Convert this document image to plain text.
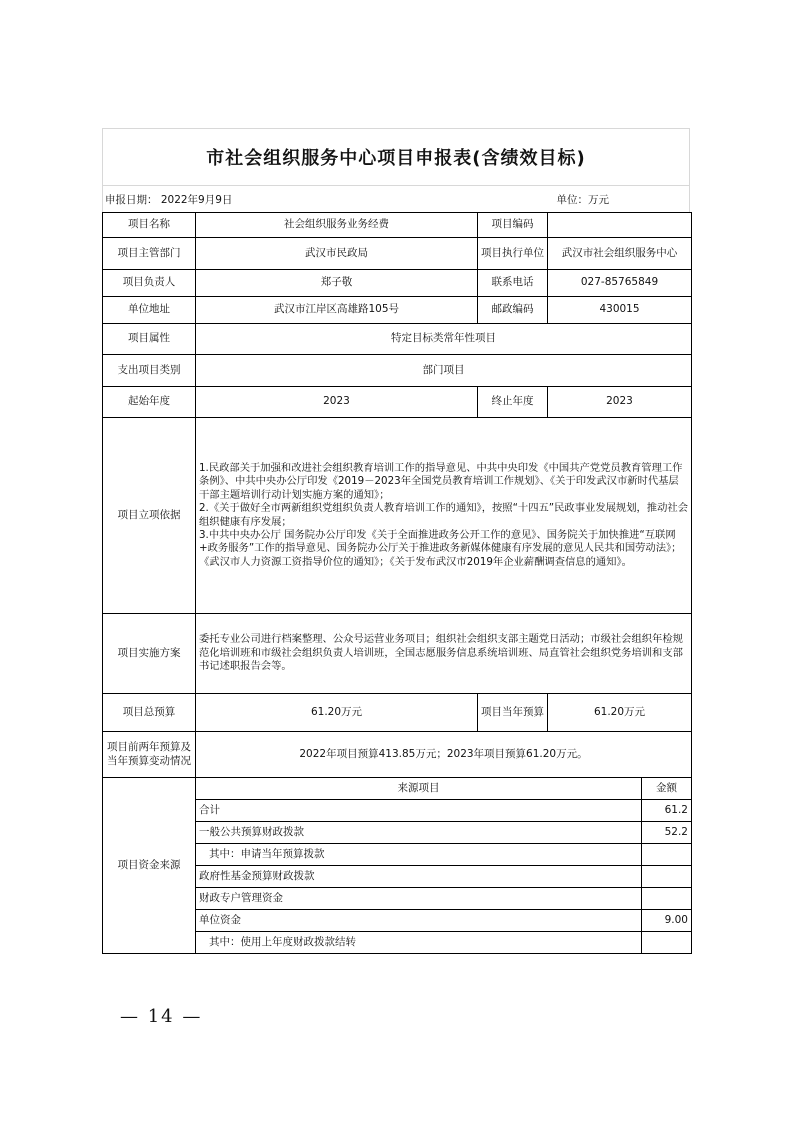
市社会组织服务中心项目申报表(含绩效目标)
申报日期： 2022年9月9日	单位：万元
项目名称	社会组织服务业务经费	项目编码		
项目主管部门	武汉市民政局	项目执行单位	武汉市社会组织服务中心	
项目负责人	郑子敬	联系电话	027-85765849	
单位地址	武汉市江岸区高雄路105号	邮政编码	430015	
项目属性	特定目标类常年性项目			
支出项目类别	部门项目			
起始年度	2023	终止年度	2023	
项目立项依据	1.民政部关于加强和改进社会组织教育培训工作的指导意见、中共中央印发《中国共产党党员教育管理工作条例》、中共中央办公厅印发《2019－2023年全国党员教育培训工作规划》、《关于印发武汉市新时代基层干部主题培训行动计划实施方案的通知》；
2.《关于做好全市两新组织党组织负责人教育培训工作的通知》，按照“十四五”民政事业发展规划，推动社会组织健康有序发展；
3.中共中央办公厅 国务院办公厅印发《关于全面推进政务公开工作的意见》、国务院关于加快推进“互联网+政务服务”工作的指导意见、国务院办公厅关于推进政务新媒体健康有序发展的意见人民共和国劳动法》；《武汉市人力资源工资指导价位的通知》；《关于发布武汉市2019年企业薪酬调查信息的通知》。			

项目实施方案	委托专业公司进行档案整理、公众号运营业务项目；组织社会组织支部主题党日活动；市级社会组织年检规范化培训班和市级社会组织负责人培训班，全国志愿服务信息系统培训班、局直管社会组织党务培训和支部书记述职报告会等。			
项目总预算	61.20万元	项目当年预算	61.20万元	
项目前两年预算及当年预算变动情况	2022年项目预算413.85万元；2023年项目预算61.20万元。			
项目资金来源	来源项目			金额
	合计			61.2
	一般公共预算财政拨款			52.2
	其中：申请当年预算拨款			
	政府性基金预算财政拨款			
	财政专户管理资金			
	单位资金			9.00
	其中：使用上年度财政拨款结转			
— 14 —
